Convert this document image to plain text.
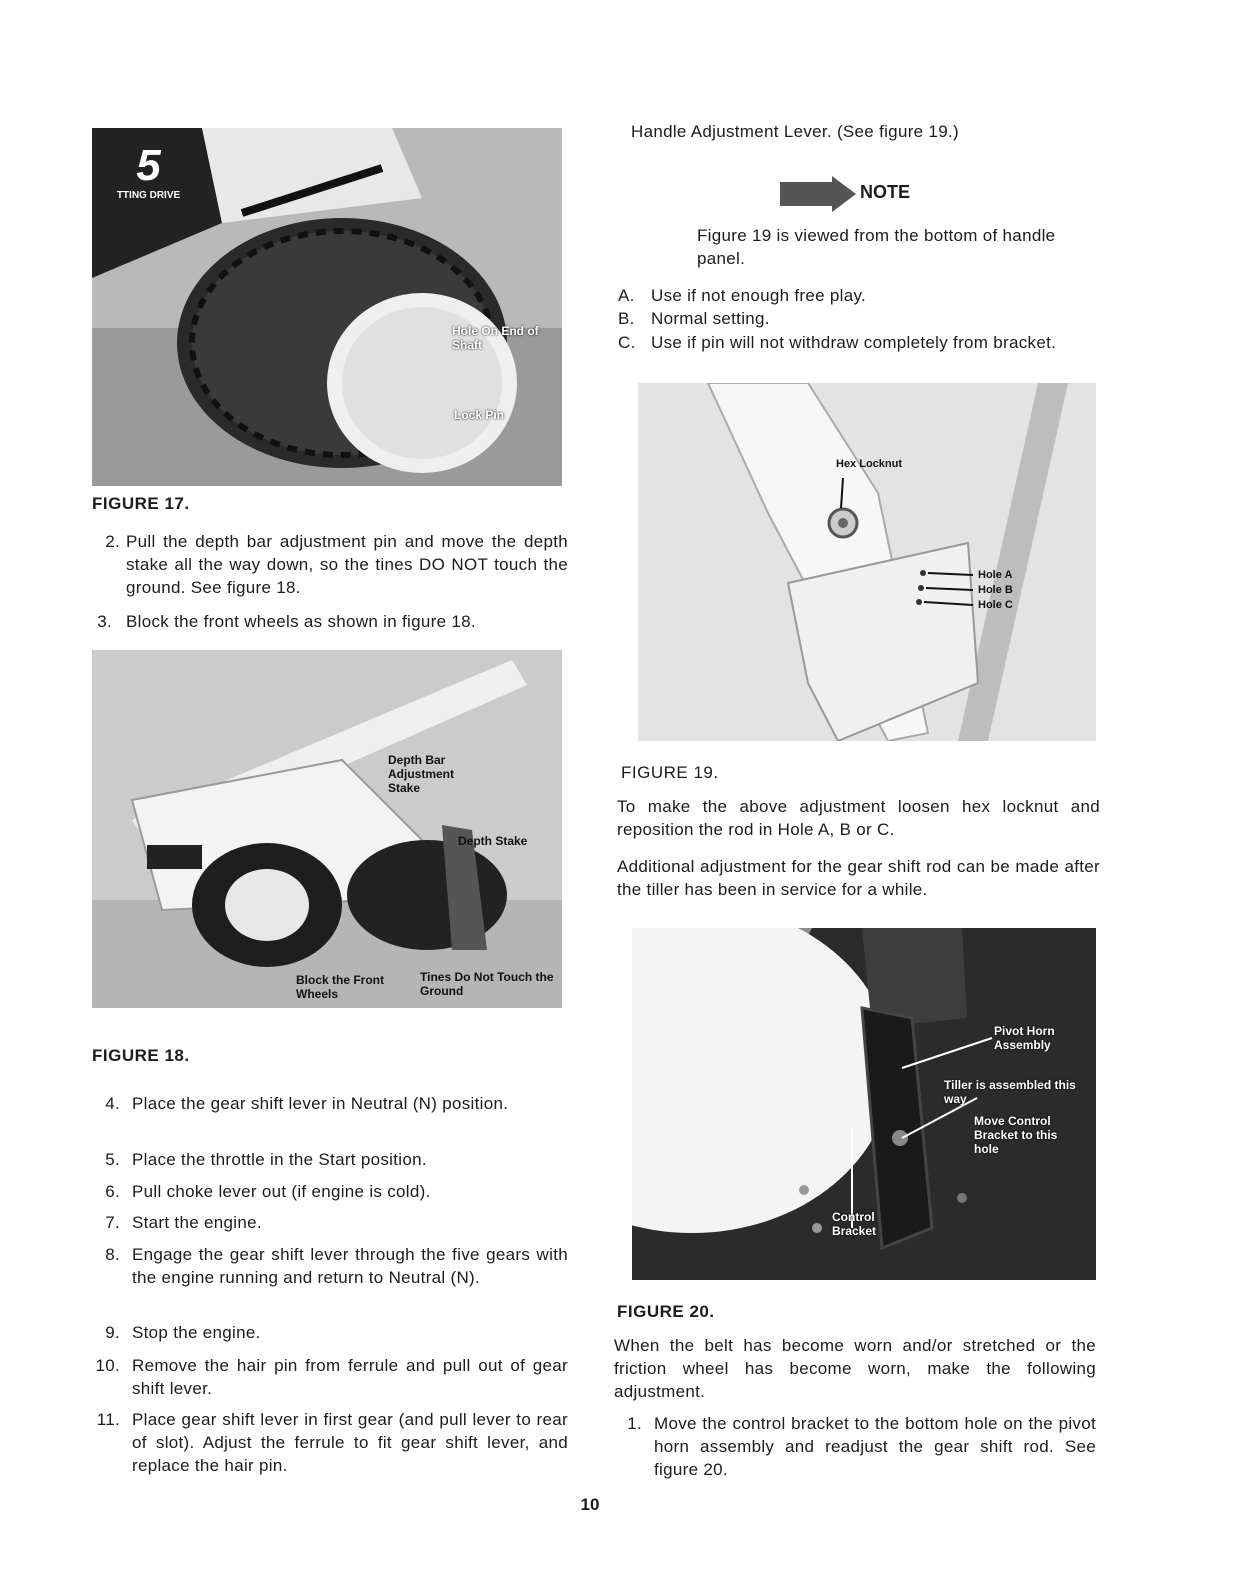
5
TTING DRIVE
Hole On End of Shaft
Lock Pin
FIGURE 17.
2. Pull the depth bar adjustment pin and move the depth stake all the way down, so the tines DO NOT touch the ground. See figure 18.
3. Block the front wheels as shown in figure 18.
Depth Bar Adjustment Stake
Depth Stake
Block the Front Wheels
Tines Do Not Touch the Ground
FIGURE 18.
4. Place the gear shift lever in Neutral (N) position.
5. Place the throttle in the Start position.
6. Pull choke lever out (if engine is cold).
7. Start the engine.
8. Engage the gear shift lever through the five gears with the engine running and return to Neutral (N).
9. Stop the engine.
10. Remove the hair pin from ferrule and pull out of gear shift lever.
11. Place gear shift lever in first gear (and pull lever to rear of slot). Adjust the ferrule to fit gear shift lever, and replace the hair pin.
Handle Adjustment Lever. (See figure 19.)
NOTE
Figure 19 is viewed from the bottom of handle panel.
A. Use if not enough free play.
B. Normal setting.
C. Use if pin will not withdraw completely from bracket.
Hex Locknut
Hole A
Hole B
Hole C
FIGURE 19.
To make the above adjustment loosen hex locknut and reposition the rod in Hole A, B or C.
Additional adjustment for the gear shift rod can be made after the tiller has been in service for a while.
Pivot Horn Assembly
Tiller is assembled this way
Move Control Bracket to this hole
Control Bracket
FIGURE 20.
When the belt has become worn and/or stretched or the friction wheel has become worn, make the following adjustment.
1. Move the control bracket to the bottom hole on the pivot horn assembly and readjust the gear shift rod. See figure 20.
10
